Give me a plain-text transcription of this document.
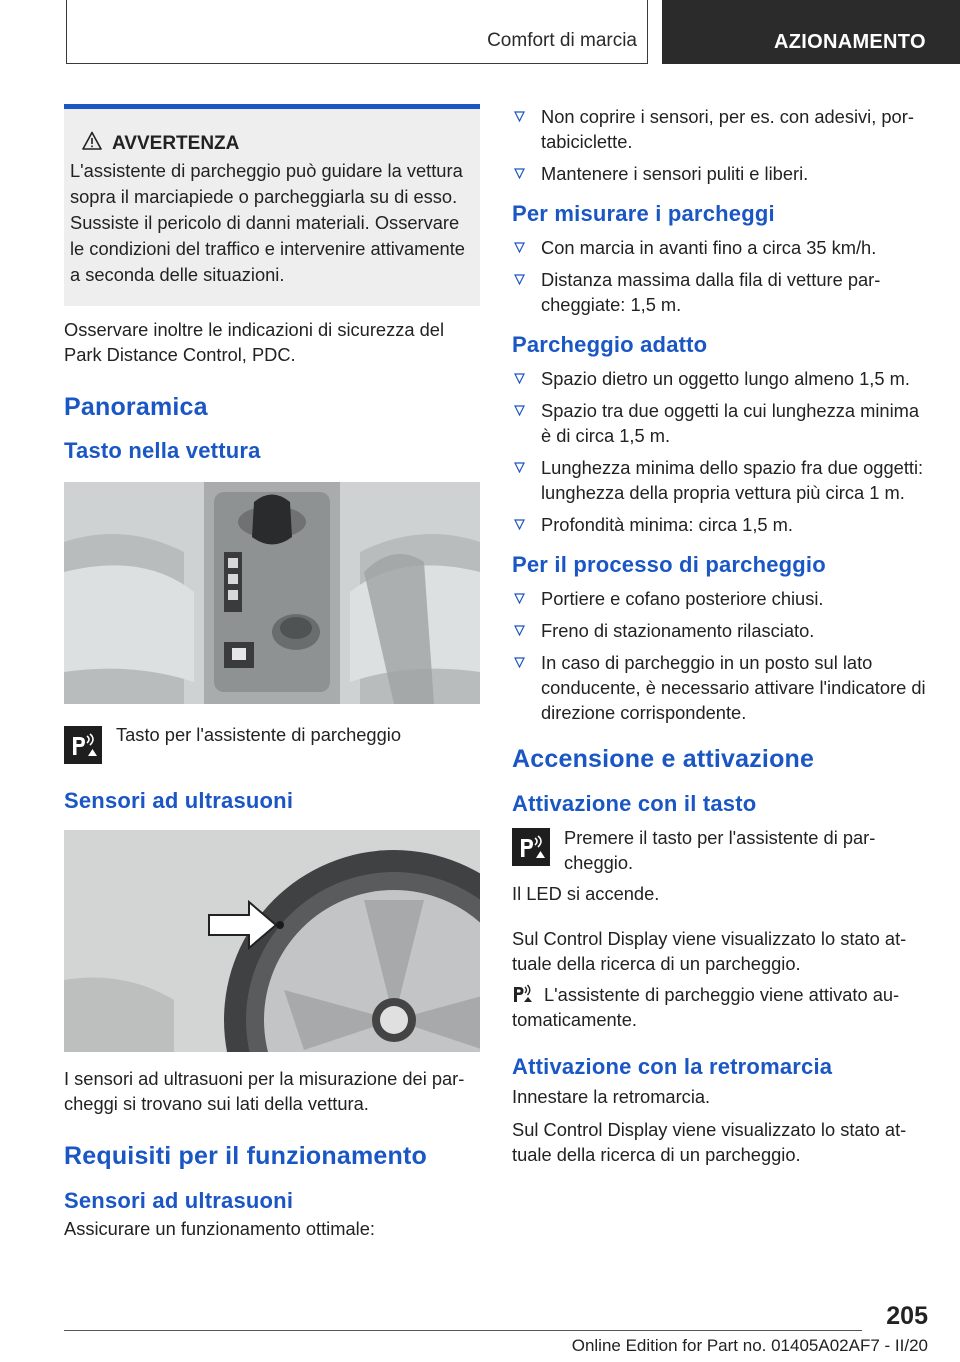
Comfort di marcia	AZIONAMENTO
AVVERTENZA
L'assistente di parcheggio può guidare la vettura sopra il marciapiede o parcheggiarla su di esso. Sussiste il pericolo di danni materiali. Osservare le condizioni del traffico e intervenire attivamente a seconda delle situazioni.

Osservare inoltre le indicazioni di sicurezza del Park Distance Control, PDC.

Panoramica
Tasto nella vettura

Tasto per l'assistente di parcheggio

Sensori ad ultrasuoni

I sensori ad ultrasuoni per la misurazione dei parcheggi si trovano sui lati della vettura.

Requisiti per il funzionamento
Sensori ad ultrasuoni

Assicurare un funzionamento ottimale:

Non coprire i sensori, per es. con adesivi, portabiciclette.
Mantenere i sensori puliti e liberi.
Per misurare i parcheggi
Con marcia in avanti fino a circa 35 km/h.
Distanza massima dalla fila di vetture parcheggiate: 1,5 m.
Parcheggio adatto
Spazio dietro un oggetto lungo almeno 1,5 m.
Spazio tra due oggetti la cui lunghezza minima è di circa 1,5 m.
Lunghezza minima dello spazio fra due oggetti: lunghezza della propria vettura più circa 1 m.
Profondità minima: circa 1,5 m.
Per il processo di parcheggio
Portiere e cofano posteriore chiusi.
Freno di stazionamento rilasciato.
In caso di parcheggio in un posto sul lato conducente, è necessario attivare l'indicatore di direzione corrispondente.
Accensione e attivazione
Attivazione con il tasto

Premere il tasto per l'assistente di parcheggio.

Il LED si accende.

Sul Control Display viene visualizzato lo stato attuale della ricerca di un parcheggio.

L'assistente di parcheggio viene attivato automaticamente.

Attivazione con la retromarcia

Innestare la retromarcia.

Sul Control Display viene visualizzato lo stato attuale della ricerca di un parcheggio.

205
Online Edition for Part no. 01405A02AF7 - II/20
